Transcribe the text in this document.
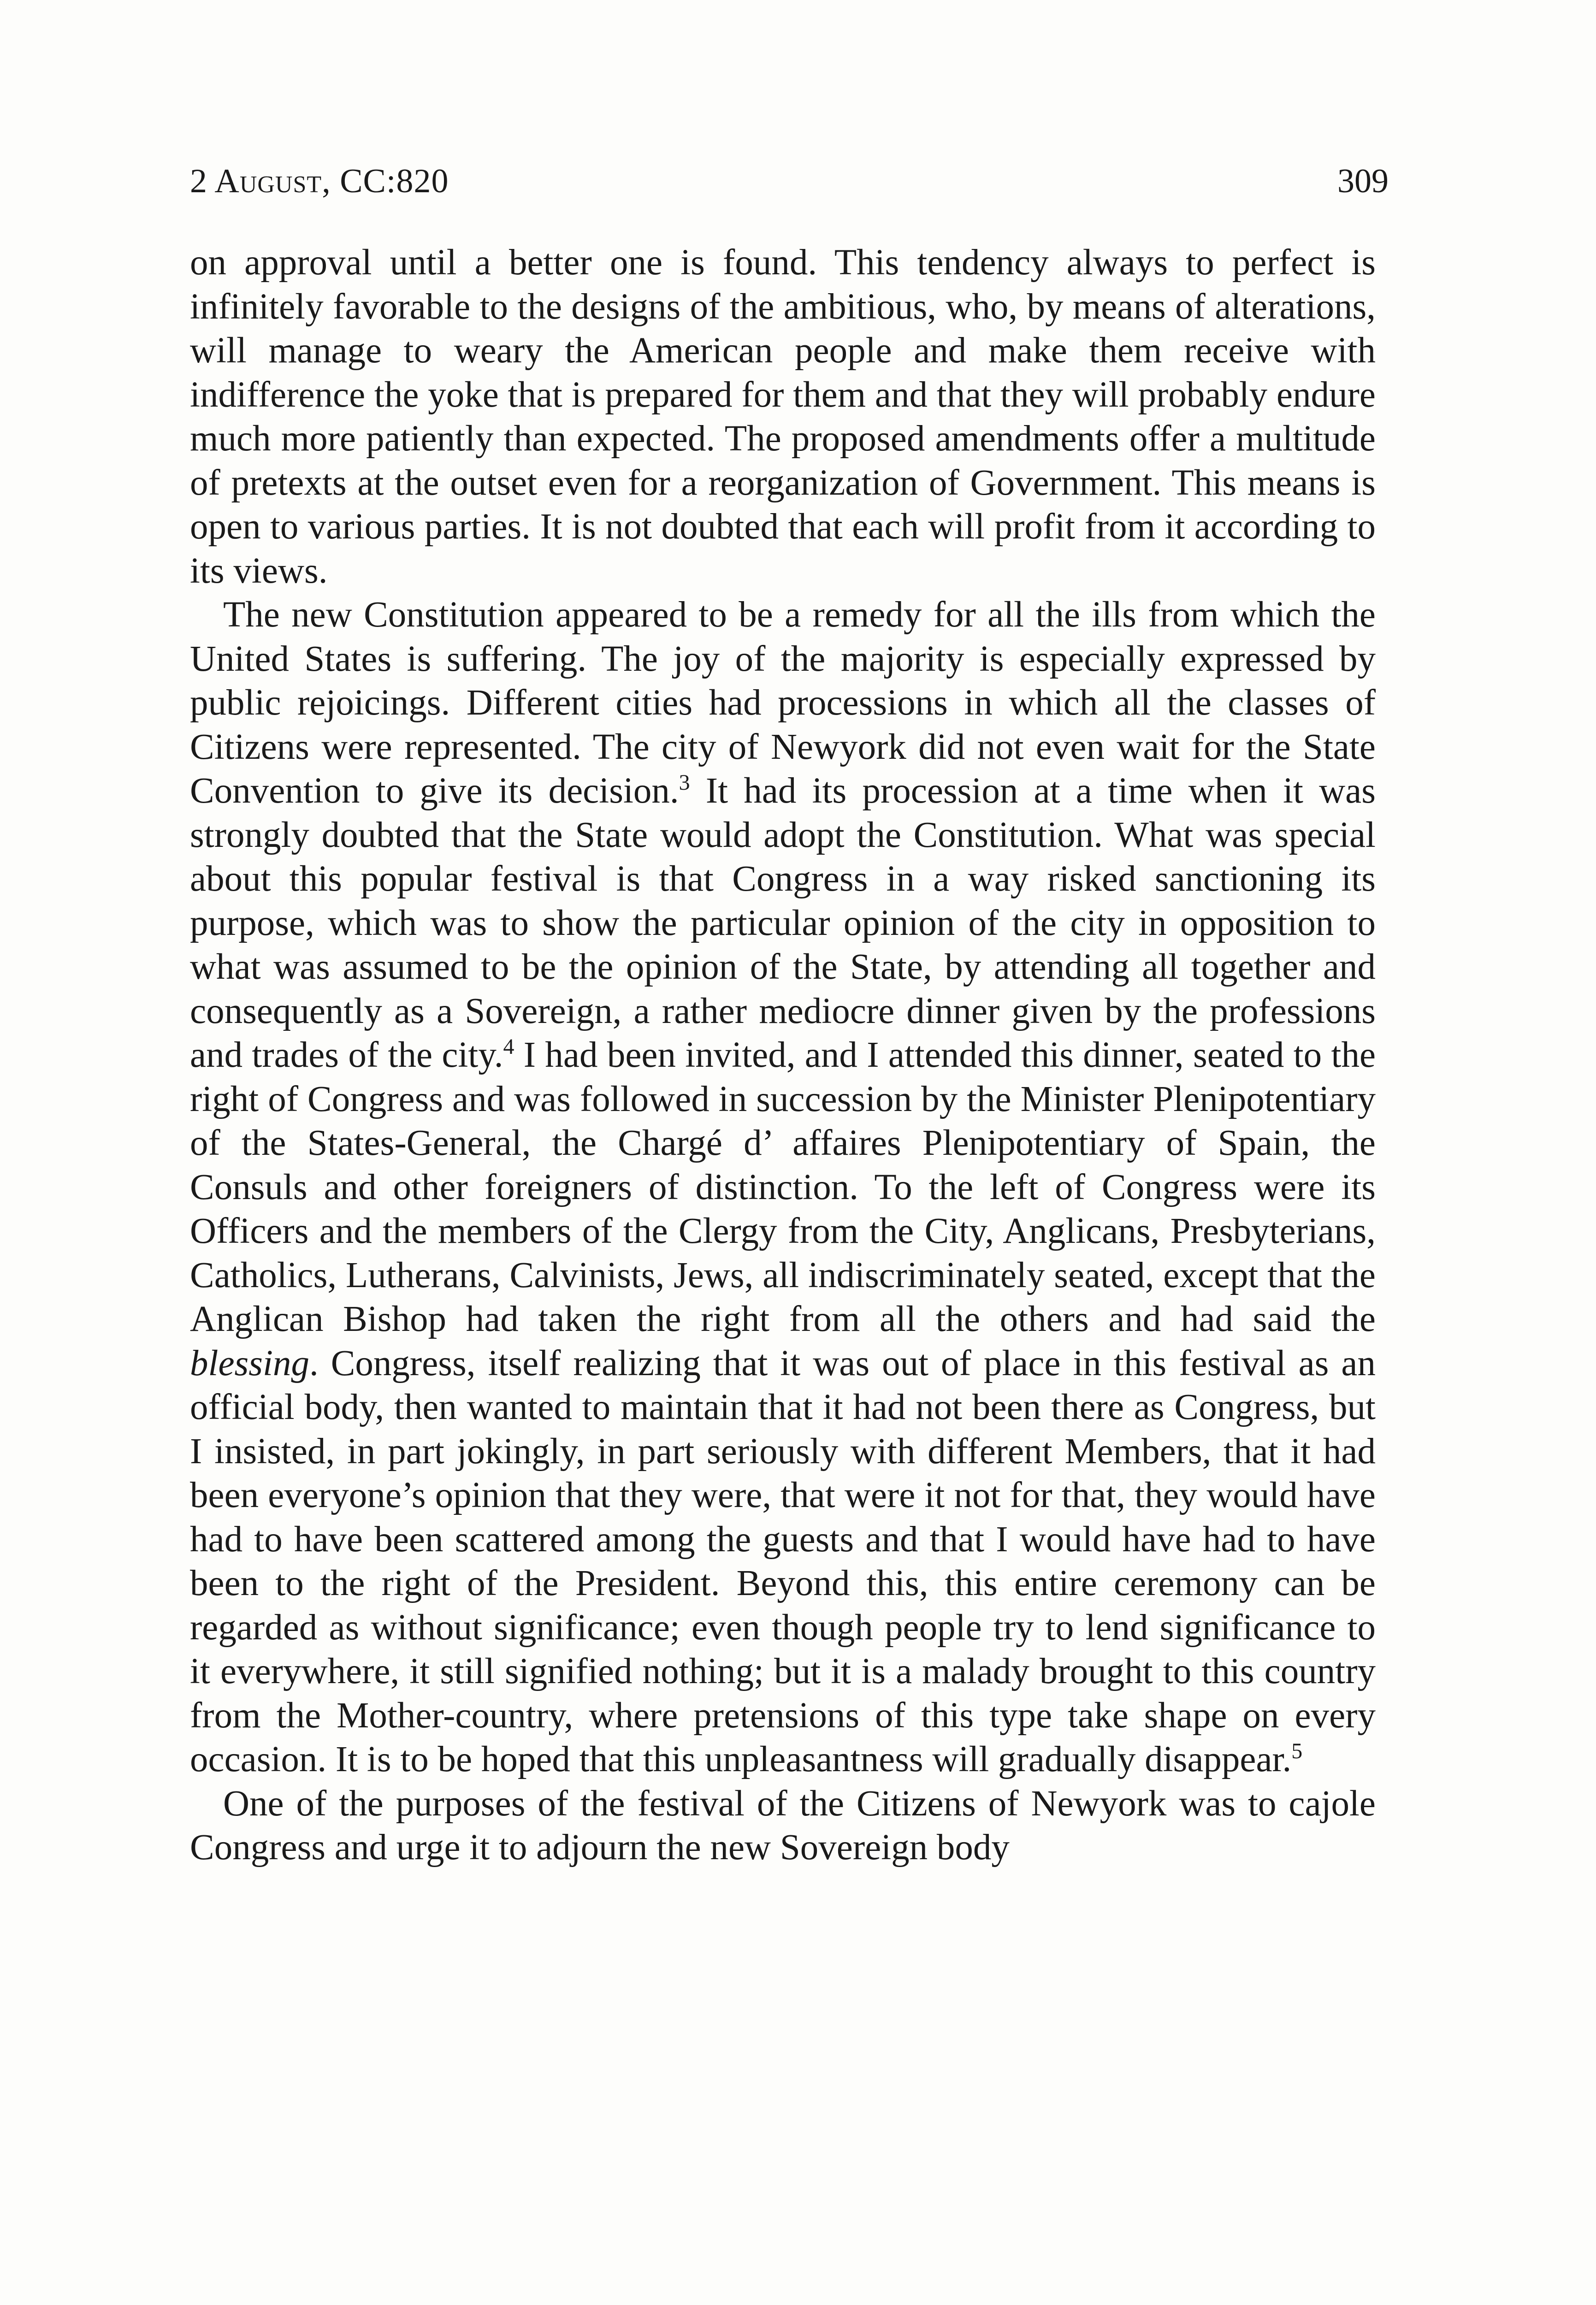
2 August, CC:820	309

on approval until a better one is found. This tendency always to perfect is infinitely favorable to the designs of the ambitious, who, by means of alterations, will manage to weary the American people and make them receive with indifference the yoke that is prepared for them and that they will probably endure much more patiently than expected. The proposed amendments offer a multitude of pretexts at the outset even for a reorganization of Government. This means is open to various parties. It is not doubted that each will profit from it according to its views.

The new Constitution appeared to be a remedy for all the ills from which the United States is suffering. The joy of the majority is especially expressed by public rejoicings. Different cities had processions in which all the classes of Citizens were represented. The city of Newyork did not even wait for the State Convention to give its decision.$^3$ It had its procession at a time when it was strongly doubted that the State would adopt the Constitution. What was special about this popular festival is that Congress in a way risked sanctioning its purpose, which was to show the particular opinion of the city in opposition to what was assumed to be the opinion of the State, by attending all together and consequently as a Sovereign, a rather mediocre dinner given by the professions and trades of the city.$^4$ I had been invited, and I attended this dinner, seated to the right of Congress and was followed in succession by the Minister Plenipotentiary of the States-General, the Chargé d’ affaires Plenipotentiary of Spain, the Consuls and other foreigners of distinction. To the left of Congress were its Officers and the members of the Clergy from the City, Anglicans, Presbyterians, Catholics, Lutherans, Calvinists, Jews, all indiscriminately seated, except that the Anglican Bishop had taken the right from all the others and had said the blessing. Congress, itself realizing that it was out of place in this festival as an official body, then wanted to maintain that it had not been there as Congress, but I insisted, in part jokingly, in part seriously with different Members, that it had been everyone’s opinion that they were, that were it not for that, they would have had to have been scattered among the guests and that I would have had to have been to the right of the President. Beyond this, this entire ceremony can be regarded as without significance; even though people try to lend significance to it everywhere, it still signified nothing; but it is a malady brought to this country from the Mother-country, where pretensions of this type take shape on every occasion. It is to be hoped that this unpleasantness will gradually disappear.$^5$

One of the purposes of the festival of the Citizens of Newyork was to cajole Congress and urge it to adjourn the new Sovereign body
